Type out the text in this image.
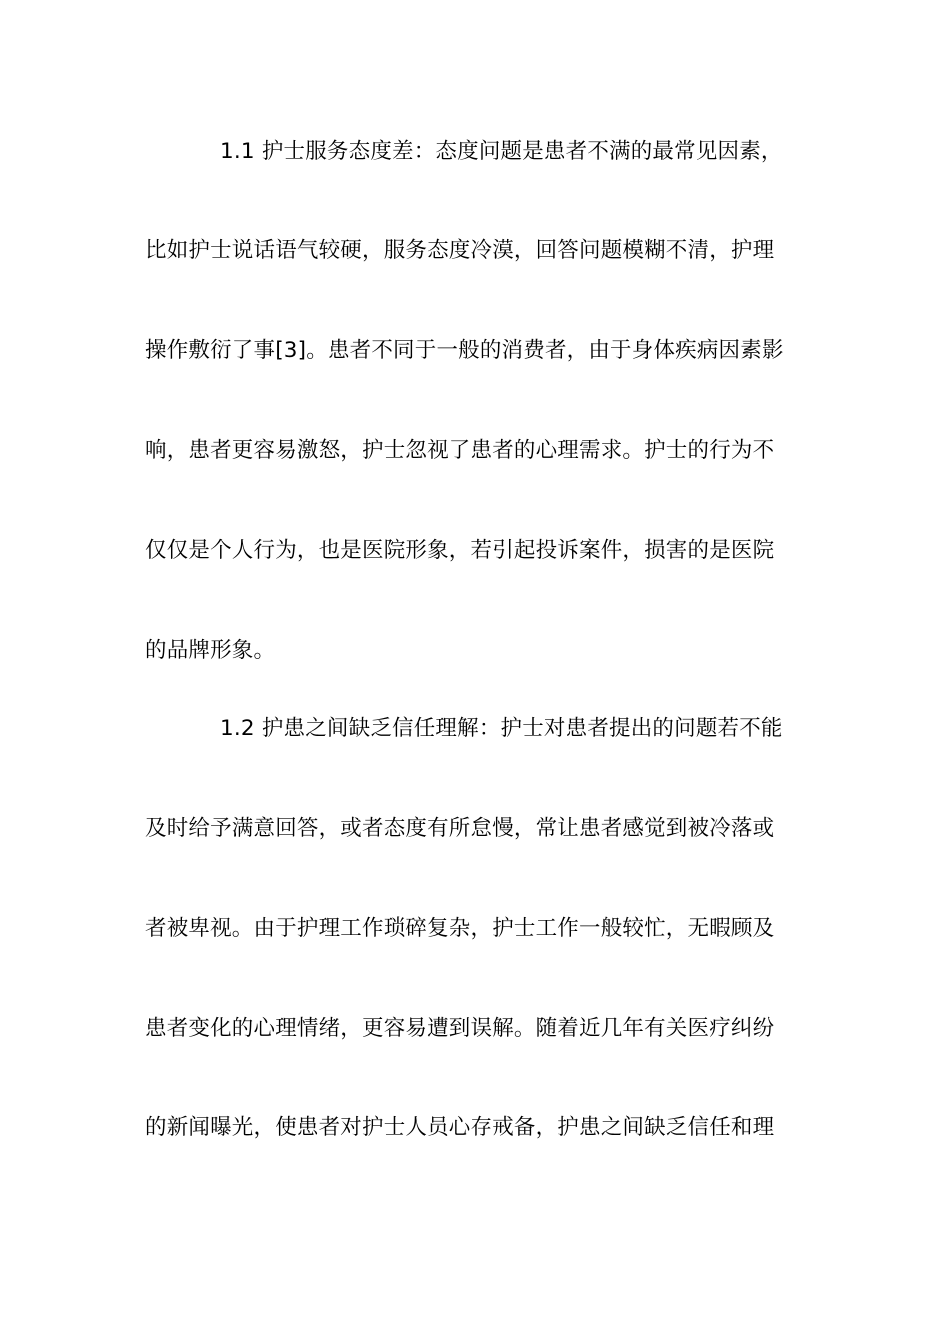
1.1 护士服务态度差：态度问题是患者不满的最常见因素，
比如护士说话语气较硬，服务态度冷漠，回答问题模糊不清，护理
操作敷衍了事[3]。患者不同于一般的消费者，由于身体疾病因素影
响，患者更容易激怒，护士忽视了患者的心理需求。护士的行为不
仅仅是个人行为，也是医院形象，若引起投诉案件，损害的是医院
的品牌形象。
1.2 护患之间缺乏信任理解：护士对患者提出的问题若不能
及时给予满意回答，或者态度有所怠慢，常让患者感觉到被冷落或
者被卑视。由于护理工作琐碎复杂，护士工作一般较忙，无暇顾及
患者变化的心理情绪，更容易遭到误解。随着近几年有关医疗纠纷
的新闻曝光，使患者对护士人员心存戒备，护患之间缺乏信任和理
